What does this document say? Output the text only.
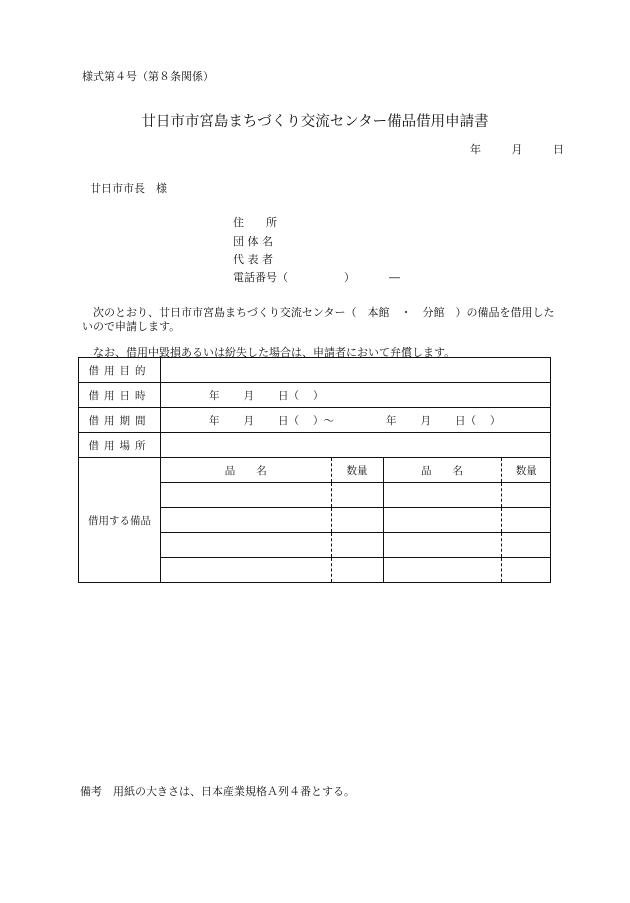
様式第４号（第８条関係）
廿日市市宮島まちづくり交流センター備品借用申請書
年	月	日
廿日市市長　様
住　　所
団 体 名
代 表 者
電話番号（	）	―
　次のとおり、廿日市市宮島まちづくり交流センター（　本館　・　分館　）の備品を借用したいので申請します。
　なお、借用中毀損あるいは紛失した場合は、申請者において弁償します。
借用目的	
借用日時	年 月 日（ ）
借用期間	年 月 日（ ）～	年 月 日（ ）
借用場所	
借用する備品	
品　　名	数量	品　　名	数量

備考　用紙の大きさは、日本産業規格Ａ列４番とする。
